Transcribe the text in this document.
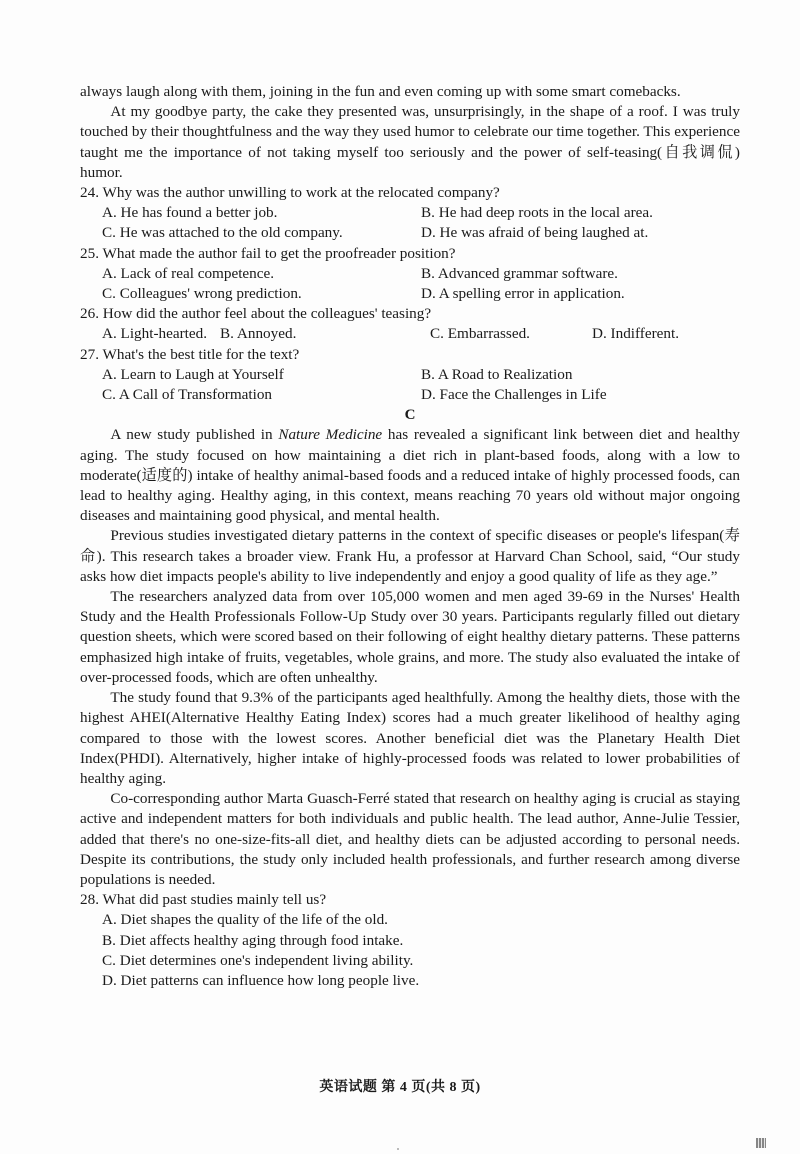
always laugh along with them, joining in the fun and even coming up with some smart comebacks.

At my goodbye party, the cake they presented was, unsurprisingly, in the shape of a roof. I was truly touched by their thoughtfulness and the way they used humor to celebrate our time together. This experience taught me the importance of not taking myself too seriously and the power of self-teasing(自我调侃) humor.

24. Why was the author unwilling to work at the relocated company?

A. He has found a better job.	B. He had deep roots in the local area.
C. He was attached to the old company.	D. He was afraid of being laughed at.

25. What made the author fail to get the proofreader position?

A. Lack of real competence.	B. Advanced grammar software.
C. Colleagues' wrong prediction.	D. A spelling error in application.

26. How did the author feel about the colleagues' teasing?

A. Light-hearted. B. Annoyed.	C. Embarrassed.	D. Indifferent.

27. What's the best title for the text?

A. Learn to Laugh at Yourself	B. A Road to Realization
C. A Call of Transformation	D. Face the Challenges in Life
C

A new study published in Nature Medicine has revealed a significant link between diet and healthy aging. The study focused on how maintaining a diet rich in plant-based foods, along with a low to moderate(适度的) intake of healthy animal-based foods and a reduced intake of highly processed foods, can lead to healthy aging. Healthy aging, in this context, means reaching 70 years old without major ongoing diseases and maintaining good physical, and mental health.

Previous studies investigated dietary patterns in the context of specific diseases or people's lifespan(寿命). This research takes a broader view. Frank Hu, a professor at Harvard Chan School, said, “Our study asks how diet impacts people's ability to live independently and enjoy a good quality of life as they age.”

The researchers analyzed data from over 105,000 women and men aged 39-69 in the Nurses' Health Study and the Health Professionals Follow-Up Study over 30 years. Participants regularly filled out dietary question sheets, which were scored based on their following of eight healthy dietary patterns. These patterns emphasized high intake of fruits, vegetables, whole grains, and more. The study also evaluated the intake of over-processed foods, which are often unhealthy.

The study found that 9.3% of the participants aged healthfully. Among the healthy diets, those with the highest AHEI(Alternative Healthy Eating Index) scores had a much greater likelihood of healthy aging compared to those with the lowest scores. Another beneficial diet was the Planetary Health Diet Index(PHDI). Alternatively, higher intake of highly-processed foods was related to lower probabilities of healthy aging.

Co-corresponding author Marta Guasch-Ferré stated that research on healthy aging is crucial as staying active and independent matters for both individuals and public health. The lead author, Anne-Julie Tessier, added that there's no one-size-fits-all diet, and healthy diets can be adjusted according to personal needs. Despite its contributions, the study only included health professionals, and further research among diverse populations is needed.

28. What did past studies mainly tell us?

A. Diet shapes the quality of the life of the old.
B. Diet affects healthy aging through food intake.
C. Diet determines one's independent living ability.
D. Diet patterns can influence how long people live.
英语试题 第 4 页(共 8 页)
